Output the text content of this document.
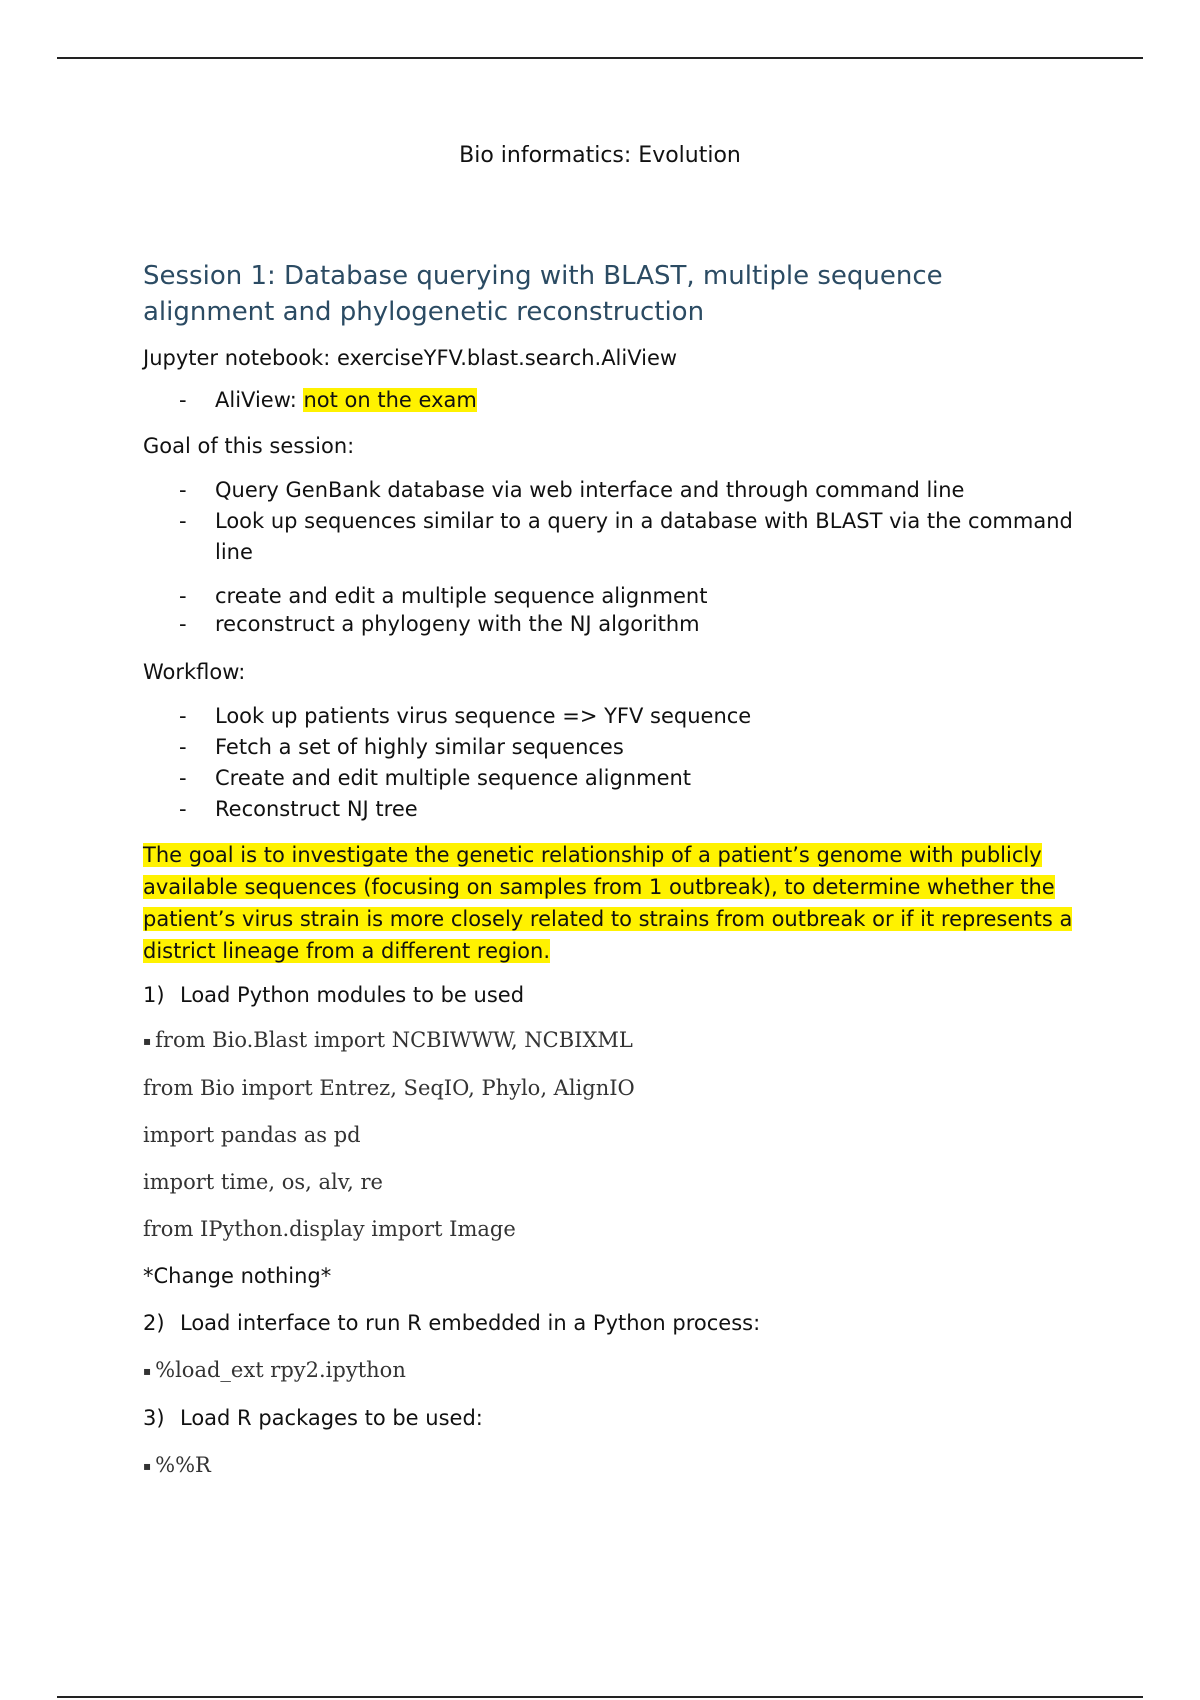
Bio informatics: Evolution
Session 1: Database querying with BLAST, multiple sequence alignment and phylogenetic reconstruction

Jupyter notebook: exerciseYFV.blast.search.AliView

- AliView: not on the exam

Goal of this session:

- Query GenBank database via web interface and through command line
- Look up sequences similar to a query in a database with BLAST via the command line
- create and edit a multiple sequence alignment
- reconstruct a phylogeny with the NJ algorithm

Workflow:

- Look up patients virus sequence => YFV sequence
- Fetch a set of highly similar sequences
- Create and edit multiple sequence alignment
- Reconstruct NJ tree

The goal is to investigate the genetic relationship of a patient’s genome with publicly available sequences (focusing on samples from 1 outbreak), to determine whether the patient’s virus strain is more closely related to strains from outbreak or if it represents a district lineage from a different region.

1) Load Python modules to be used

▪ from Bio.Blast import NCBIWWW, NCBIXML

from Bio import Entrez, SeqIO, Phylo, AlignIO

import pandas as pd

import time, os, alv, re

from IPython.display import Image

*Change nothing*

2) Load interface to run R embedded in a Python process:

▪ %load_ext rpy2.ipython

3) Load R packages to be used:

▪ %%R
